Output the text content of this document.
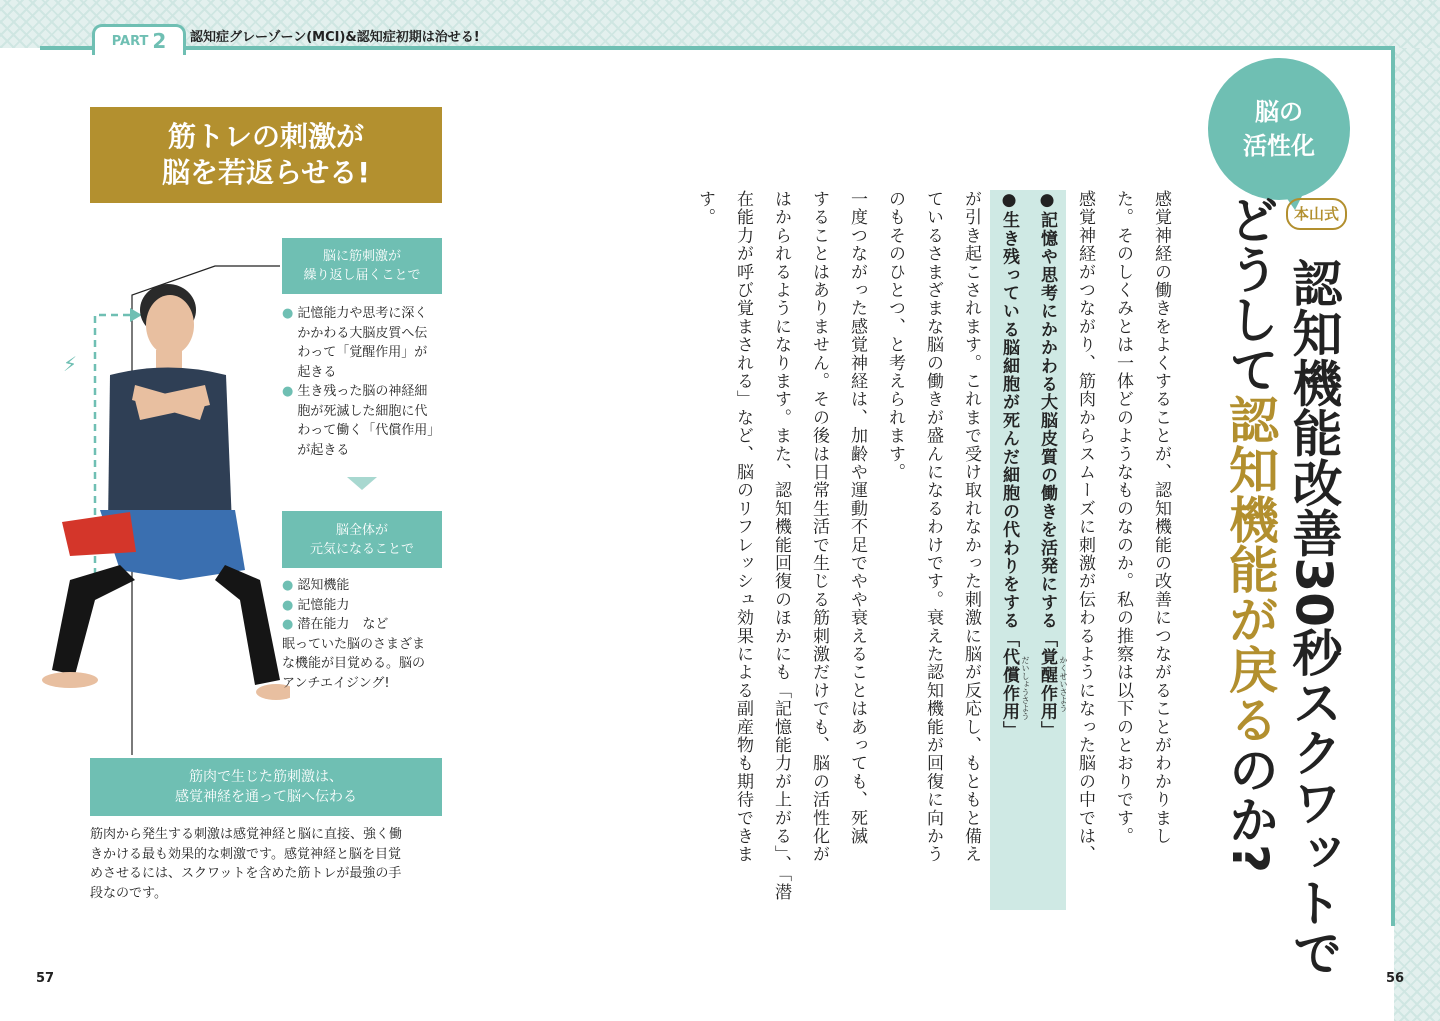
PART 2 認知症グレーゾーン(MCI)&認知症初期は治せる!
筋トレの刺激が
脳を若返らせる!
⚡
脳に筋刺激が
繰り返し届くことで
● 記憶能力や思考に深く
かかわる大脳皮質へ伝
わって「覚醒作用」が
起きる
● 生き残った脳の神経細
胞が死滅した細胞に代
わって働く「代償作用」
が起きる
脳全体が
元気になることで
● 認知機能
● 記憶能力
● 潜在能力　など
眠っていた脳のさまざま
な機能が目覚める。脳の
アンチエイジング!
筋肉で生じた筋刺激は、
感覚神経を通って脳へ伝わる
筋肉から発生する刺激は感覚神経と脳に直接、強く働
きかける最も効果的な刺激です。感覚神経と脳を目覚
めさせるには、スクワットを含めた筋トレが最強の手
段なのです。
57
脳の
活性化
本山式 認知機能改善30秒スクワットで
どうして認知機能が戻るのか?
感覚神経の働きをよくすることが、認知機能の改善につながることがわかりまし
た。そのしくみとは一体どのようなものなのか。私の推察は以下のとおりです。
感覚神経がつながり、筋肉からスムーズに刺激が伝わるようになった脳の中では、
●記憶や思考にかかわる大脳皮質の働きを活発にする「覚醒作用」
●生き残っている脳細胞が死んだ細胞の代わりをする「代償作用」
が引き起こされます。これまで受け取れなかった刺激に脳が反応し、もともと備え
ているさまざまな脳の働きが盛んになるわけです。衰えた認知機能が回復に向かう
のもそのひとつ、と考えられます。
一度つながった感覚神経は、加齢や運動不足でやや衰えることはあっても、死滅
することはありません。その後は日常生活で生じる筋刺激だけでも、脳の活性化が
はかられるようになります。また、認知機能回復のほかにも「記憶能力が上がる」、「潜
在能力が呼び覚まされる」など、脳のリフレッシュ効果による副産物も期待できま
す。
かくせいさよう
だいしょうさよう
56
